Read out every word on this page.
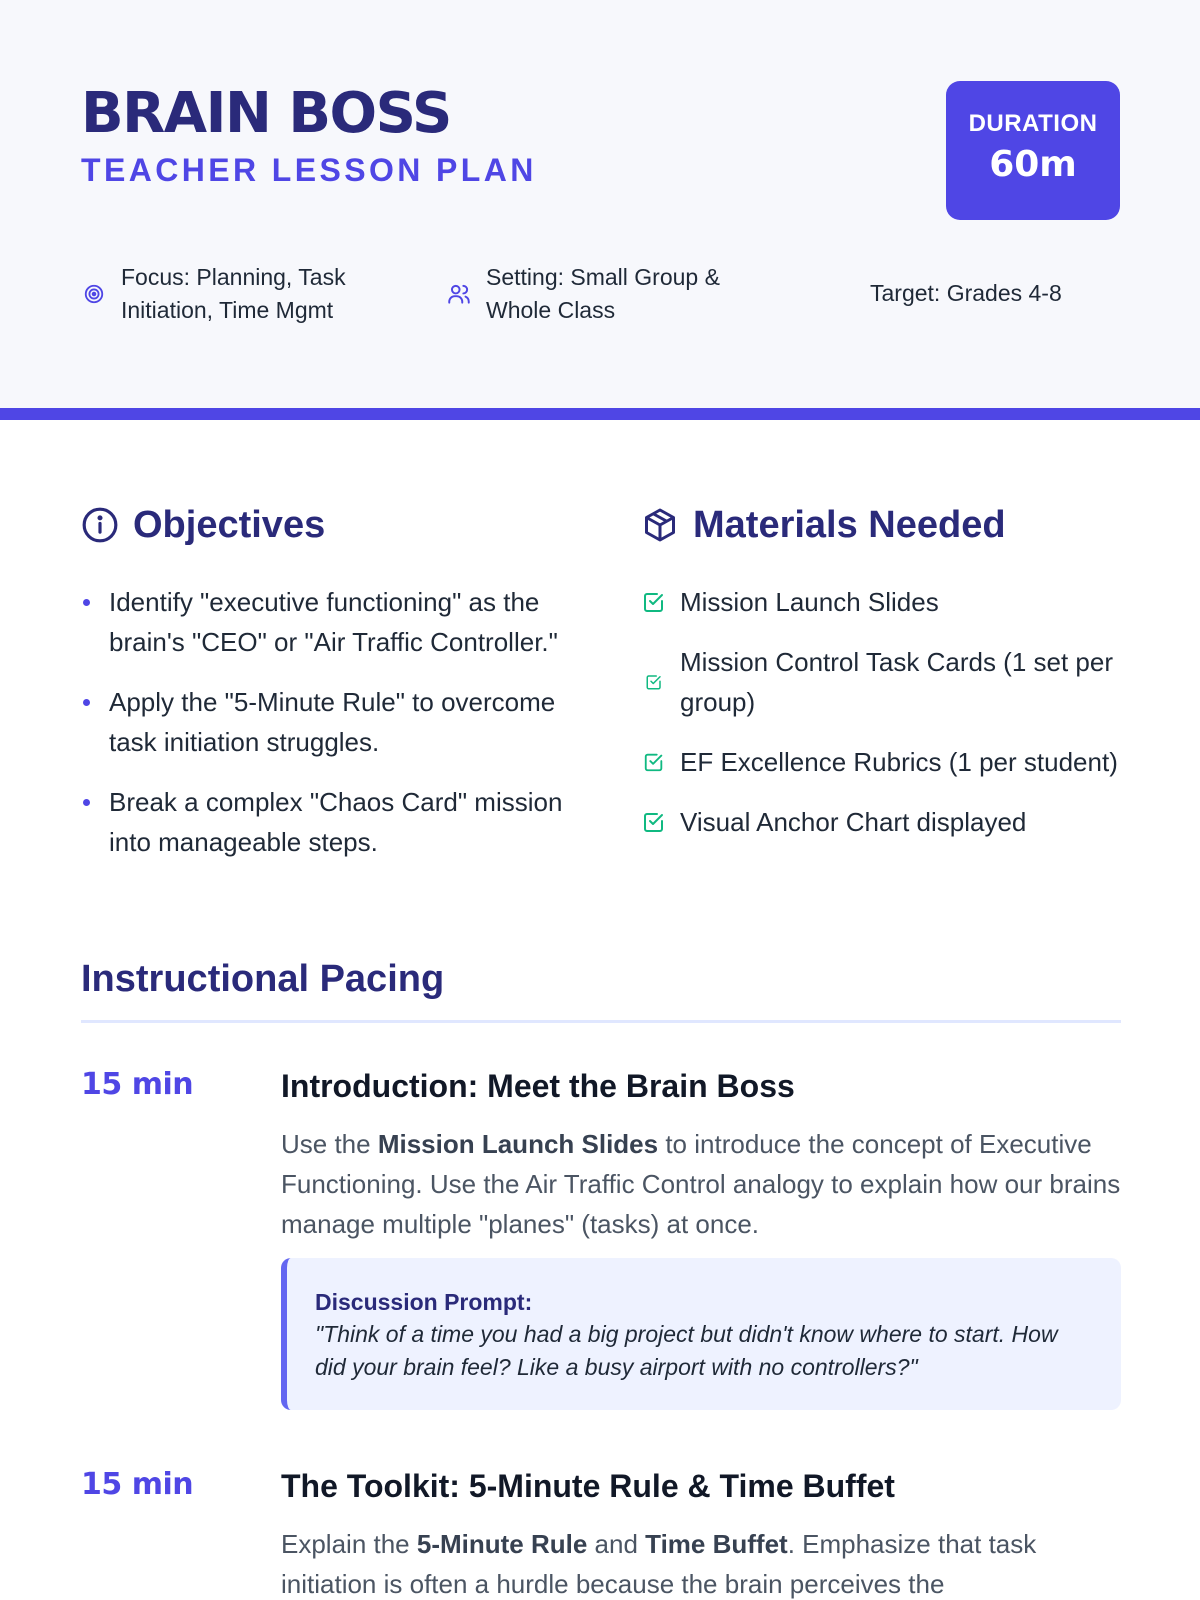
BRAIN BOSS
TEACHER LESSON PLAN
DURATION
60m
Focus: Planning, Task Initiation, Time Mgmt
Setting: Small Group & Whole Class
Target: Grades 4-8
Objectives	Materials Needed
Identify "executive functioning" as the brain's "CEO" or "Air Traffic Controller."
Apply the "5-Minute Rule" to overcome task initiation struggles.
Break a complex "Chaos Card" mission into manageable steps.
Mission Launch Slides
Mission Control Task Cards (1 set per group)
EF Excellence Rubrics (1 per student)
Visual Anchor Chart displayed
Instructional Pacing
15 min	Introduction: Meet the Brain Boss
Use the Mission Launch Slides to introduce the concept of Executive Functioning. Use the Air Traffic Control analogy to explain how our brains manage multiple "planes" (tasks) at once.
Discussion Prompt:
"Think of a time you had a big project but didn't know where to start. How did your brain feel? Like a busy airport with no controllers?"
15 min	The Toolkit: 5-Minute Rule & Time Buffet
Explain the 5-Minute Rule and Time Buffet. Emphasize that task initiation is often a hurdle because the brain perceives the
